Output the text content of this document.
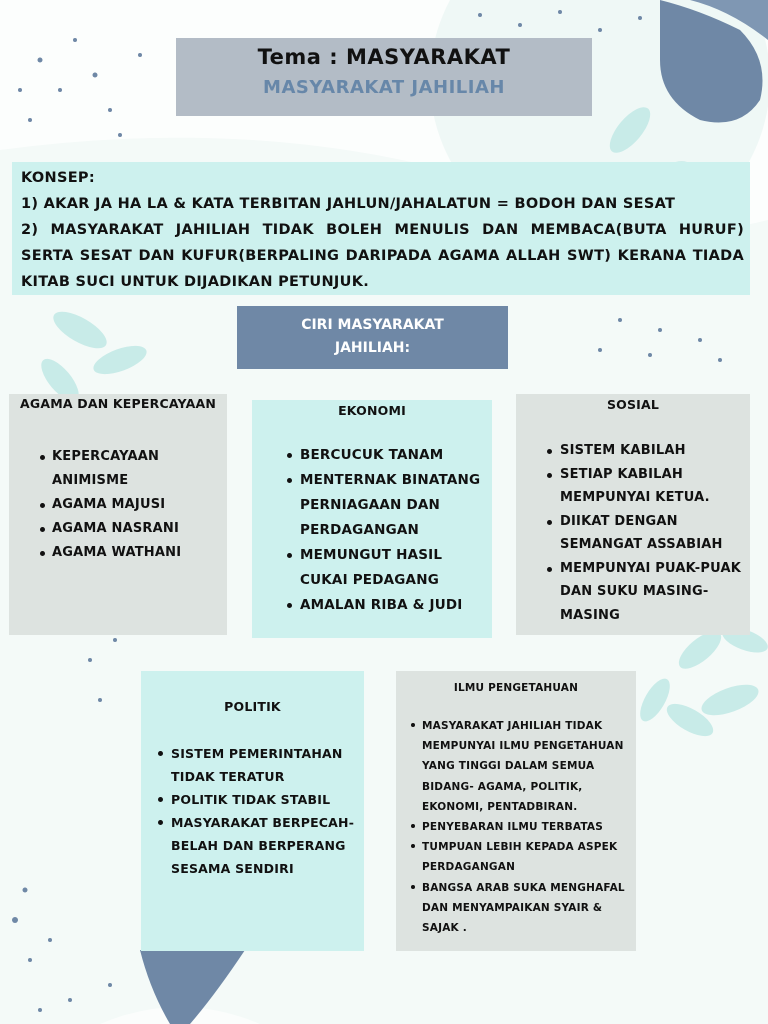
Tema : MASYARAKAT
MASYARAKAT JAHILIAH

KONSEP:

1) AKAR JA HA LA & KATA TERBITAN JAHLUN/JAHALATUN = BODOH DAN SESAT

2) MASYARAKAT JAHILIAH TIDAK BOLEH MENULIS DAN MEMBACA(BUTA HURUF) SERTA SESAT DAN KUFUR(BERPALING DARIPADA AGAMA ALLAH SWT) KERANA TIADA KITAB SUCI UNTUK DIJADIKAN PETUNJUK.

CIRI MASYARAKAT
JAHILIAH:
AGAMA DAN KEPERCAYAAN
KEPERCAYAAN ANIMISME
AGAMA MAJUSI
AGAMA NASRANI
AGAMA WATHANI
EKONOMI
BERCUCUK TANAM
MENTERNAK BINATANG PERNIAGAAN DAN PERDAGANGAN
MEMUNGUT HASIL CUKAI PEDAGANG
AMALAN RIBA & JUDI
SOSIAL
SISTEM KABILAH
SETIAP KABILAH MEMPUNYAI KETUA.
DIIKAT DENGAN SEMANGAT ASSABIAH
MEMPUNYAI PUAK-PUAK DAN SUKU MASING-MASING
POLITIK
SISTEM PEMERINTAHAN TIDAK TERATUR
POLITIK TIDAK STABIL
MASYARAKAT BERPECAH-BELAH DAN BERPERANG SESAMA SENDIRI
ILMU PENGETAHUAN
MASYARAKAT JAHILIAH TIDAK MEMPUNYAI ILMU PENGETAHUAN YANG TINGGI DALAM SEMUA BIDANG- AGAMA, POLITIK, EKONOMI, PENTADBIRAN.
PENYEBARAN ILMU TERBATAS
TUMPUAN LEBIH KEPADA ASPEK PERDAGANGAN
BANGSA ARAB SUKA MENGHAFAL DAN MENYAMPAIKAN SYAIR & SAJAK .
